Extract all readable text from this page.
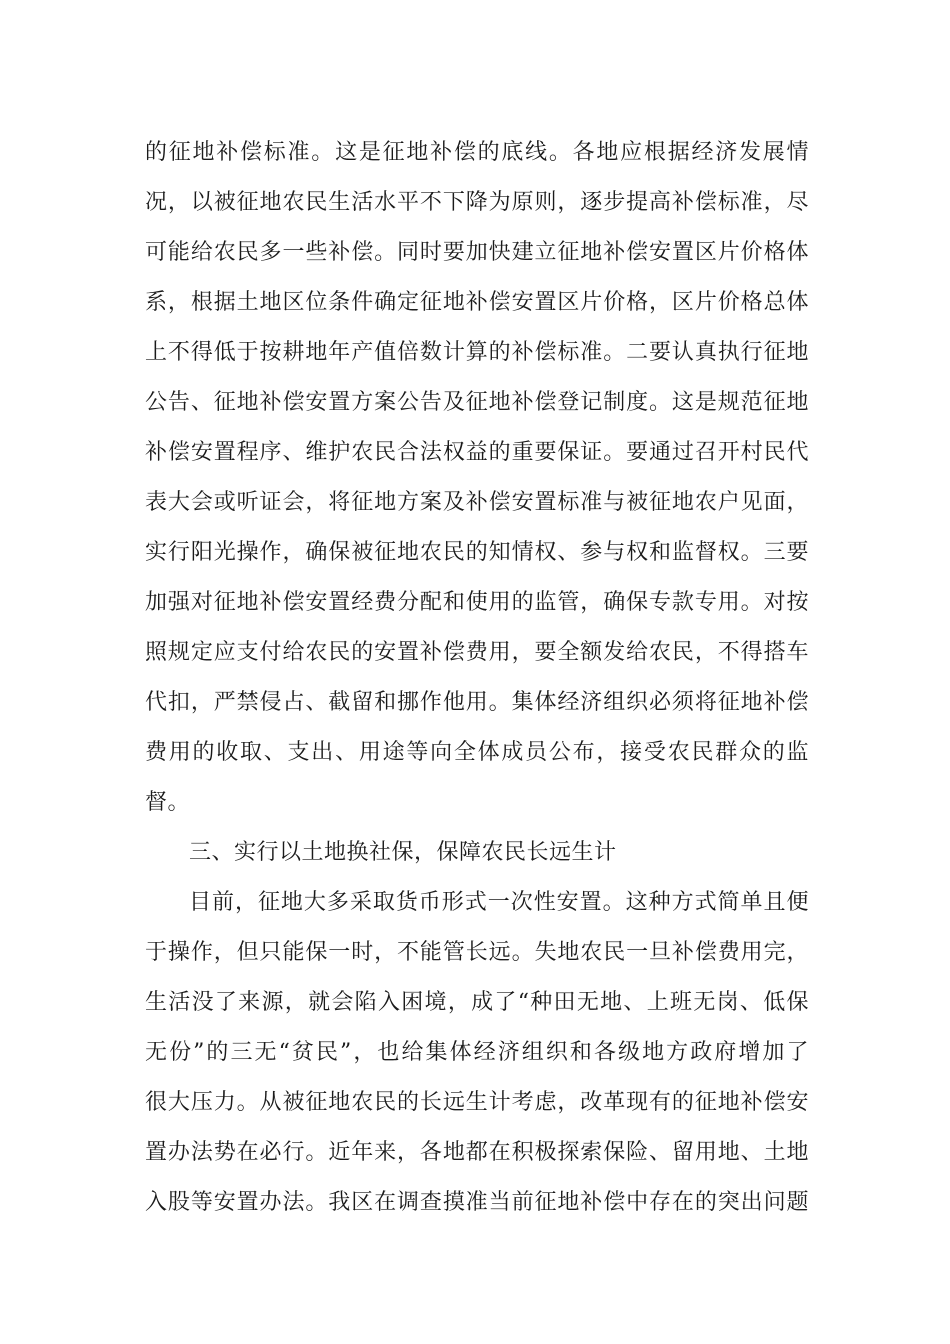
的征地补偿标准。这是征地补偿的底线。各地应根据经济发展情
况，以被征地农民生活水平不下降为原则，逐步提高补偿标准，尽
可能给农民多一些补偿。同时要加快建立征地补偿安置区片价格体
系，根据土地区位条件确定征地补偿安置区片价格，区片价格总体
上不得低于按耕地年产值倍数计算的补偿标准。二要认真执行征地
公告、征地补偿安置方案公告及征地补偿登记制度。这是规范征地
补偿安置程序、维护农民合法权益的重要保证。要通过召开村民代
表大会或听证会，将征地方案及补偿安置标准与被征地农户见面，
实行阳光操作，确保被征地农民的知情权、参与权和监督权。三要
加强对征地补偿安置经费分配和使用的监管，确保专款专用。对按
照规定应支付给农民的安置补偿费用，要全额发给农民，不得搭车
代扣，严禁侵占、截留和挪作他用。集体经济组织必须将征地补偿
费用的收取、支出、用途等向全体成员公布，接受农民群众的监
督。
三、实行以土地换社保，保障农民长远生计
目前，征地大多采取货币形式一次性安置。这种方式简单且便
于操作，但只能保一时，不能管长远。失地农民一旦补偿费用完，
生活没了来源，就会陷入困境，成了“种田无地、上班无岗、低保
无份”的三无“贫民”，也给集体经济组织和各级地方政府增加了
很大压力。从被征地农民的长远生计考虑，改革现有的征地补偿安
置办法势在必行。近年来，各地都在积极探索保险、留用地、土地
入股等安置办法。我区在调查摸准当前征地补偿中存在的突出问题
